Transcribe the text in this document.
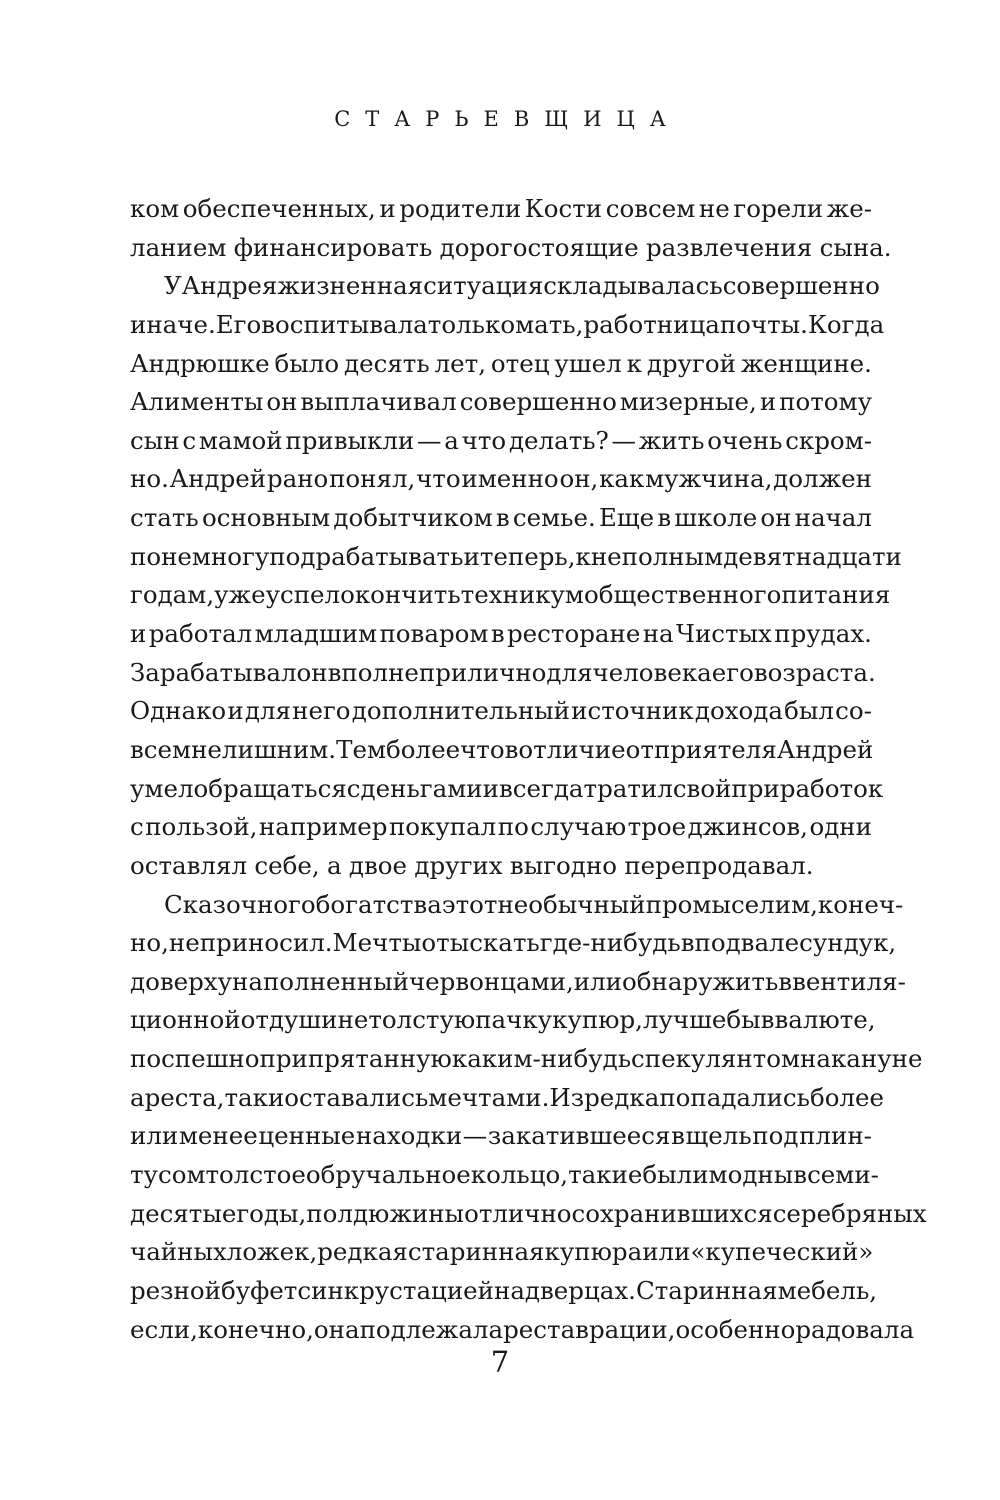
СТАРЬЕВЩИЦА
ком обеспеченных, и родители Кости совсем не горели же-
ланием финансировать дорогостоящие развлечения сына.
У Андрея жизненная ситуация складывалась совершенно
иначе. Его воспитывала только мать, работница почты. Когда
Андрюшке было десять лет, отец ушел к другой женщине.
Алименты он выплачивал совершенно мизерные, и потому
сын с мамой привыкли — а что делать? — жить очень скром-
но. Андрей рано понял, что именно он, как мужчина, должен
стать основным добытчиком в семье. Еще в школе он начал
понемногу подрабатывать и теперь, к неполным девятнадцати
годам, уже успел окончить техникум общественного питания
и работал младшим поваром в ресторане на Чистых прудах.
Зарабатывал он вполне прилично для человека его возраста.
Однако и для него дополнительный источник дохода был со-
всем не лишним. Тем более что в отличие от приятеля Андрей
умел обращаться с деньгами и всегда тратил свой приработок
с пользой, например покупал по случаю трое джинсов, одни
оставлял себе, а двое других выгодно перепродавал.
Сказочного богатства этот необычный промысел им, конеч-
но, не приносил. Мечты отыскать где-нибудь в подвале сундук,
доверху наполненный червонцами, или обнаружить в вентиля-
ционной отдушине толстую пачку купюр, лучше бы в валюте,
поспешно припрятанную каким-нибудь спекулянтом накануне
ареста, так и оставались мечтами. Изредка попадались более
или менее ценные находки — закатившееся в щель под плин-
тусом толстое обручальное кольцо, такие были модны в семи-
десятые годы, полдюжины отлично сохранившихся серебряных
чайных ложек, редкая старинная купюра или «купеческий»
резной буфет с инкрустацией на дверцах. Старинная мебель,
если, конечно, она подлежала реставрации, особенно радовала
7
